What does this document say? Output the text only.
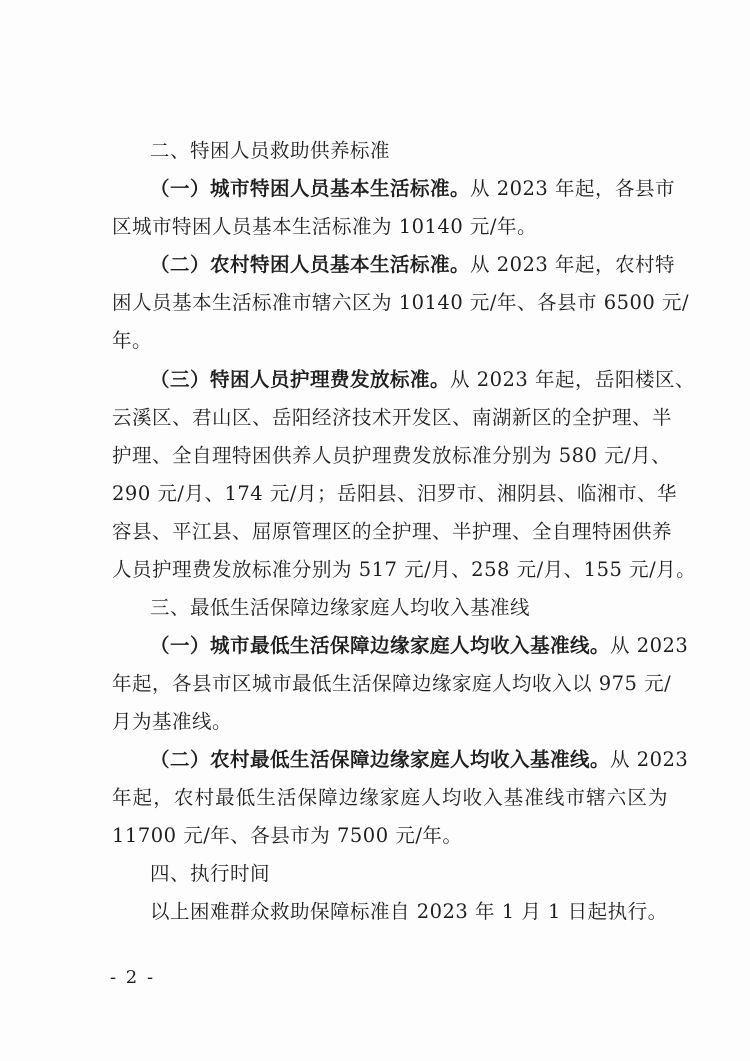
二、特困人员救助供养标准
（一）城市特困人员基本生活标准。从 2023 年起，各县市
区城市特困人员基本生活标准为 10140 元/年。
（二）农村特困人员基本生活标准。从 2023 年起，农村特
困人员基本生活标准市辖六区为 10140 元/年、各县市 6500 元/
年。
（三）特困人员护理费发放标准。从 2023 年起，岳阳楼区、
云溪区、君山区、岳阳经济技术开发区、南湖新区的全护理、半
护理、全自理特困供养人员护理费发放标准分别为 580 元/月、
290 元/月、174 元/月；岳阳县、汨罗市、湘阴县、临湘市、华
容县、平江县、屈原管理区的全护理、半护理、全自理特困供养
人员护理费发放标准分别为 517 元/月、258 元/月、155 元/月。
三、最低生活保障边缘家庭人均收入基准线
（一）城市最低生活保障边缘家庭人均收入基准线。从 2023
年起，各县市区城市最低生活保障边缘家庭人均收入以 975 元/
月为基准线。
（二）农村最低生活保障边缘家庭人均收入基准线。从 2023
年起，农村最低生活保障边缘家庭人均收入基准线市辖六区为
11700 元/年、各县市为 7500 元/年。
四、执行时间
以上困难群众救助保障标准自 2023 年 1 月 1 日起执行。
- 2 -
